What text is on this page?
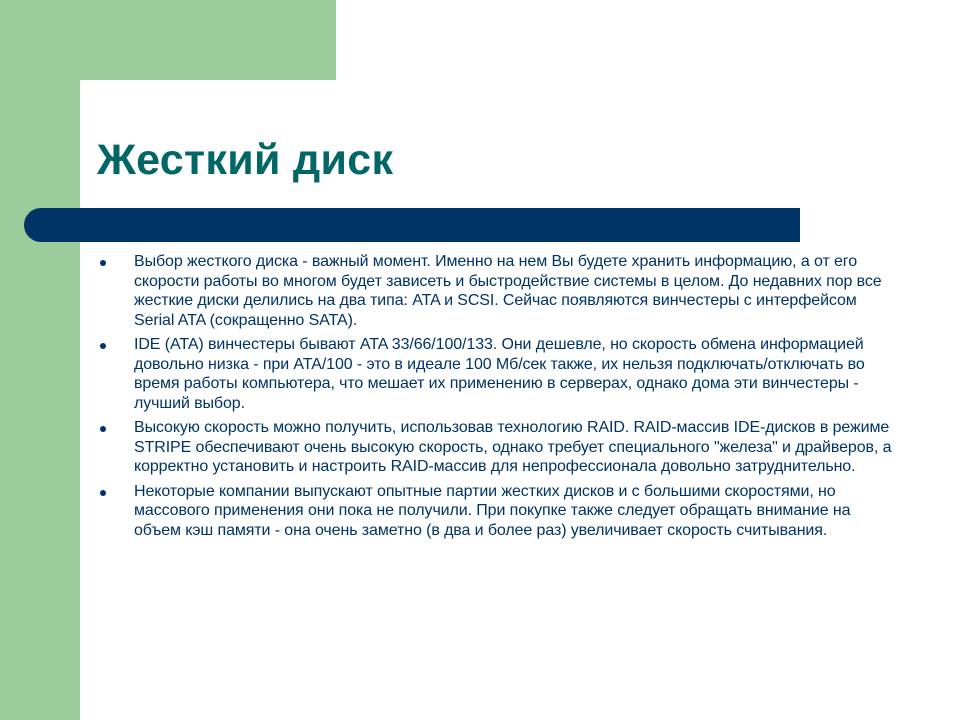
Жесткий диск
Выбор жесткого диска - важный момент. Именно на нем Вы будете хранить информацию, а от его скорости работы во многом будет зависеть и быстродействие системы в целом. До недавних пор все жесткие диски делились на два типа: ATA и SCSI. Сейчас появляются винчестеры с интерфейсом Serial ATA (сокращенно SATA).
IDE (ATA) винчестеры бывают ATA 33/66/100/133. Они дешевле, но скорость обмена информацией довольно низка - при ATA/100 - это в идеале 100 Мб/сек также, их нельзя подключать/отключать во время работы компьютера, что мешает их применению в серверах, однако дома эти винчестеры - лучший выбор.
Высокую скорость можно получить, использовав технологию RAID. RAID-массив IDE-дисков в режиме STRIPE обеспечивают очень высокую скорость, однако требует специального "железа" и драйверов, а корректно установить и настроить RAID-массив для непрофессионала довольно затруднительно.
Некоторые компании выпускают опытные партии жестких дисков и с большими скоростями, но массового применения они пока не получили. При покупке также следует обращать внимание на объем кэш памяти - она очень заметно (в два и более раз) увеличивает скорость считывания.
